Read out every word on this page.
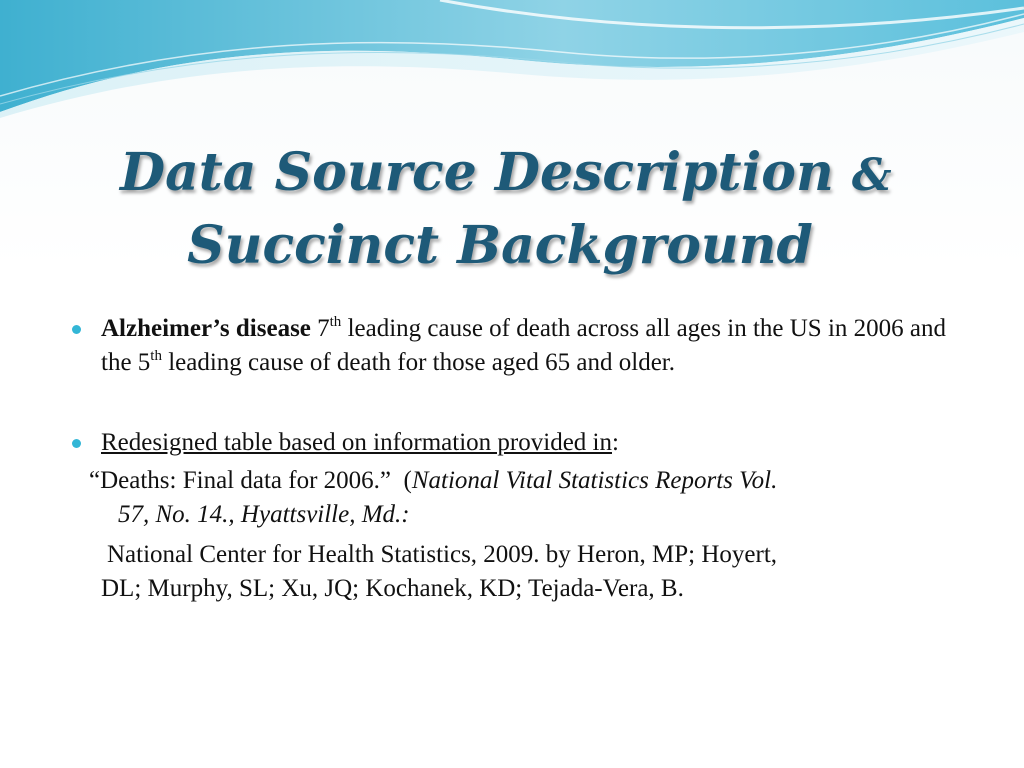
Data Source Description &
Succinct Background
Alzheimer’s disease 7th leading cause of death across all ages in the US in 2006 and the 5th leading cause of death for those aged 65 and older.
Redesigned table based on information provided in:
“Deaths: Final data for 2006.” (National Vital Statistics Reports Vol.
57, No. 14., Hyattsville, Md.:
National Center for Health Statistics, 2009. by Heron, MP; Hoyert,
DL; Murphy, SL; Xu, JQ; Kochanek, KD; Tejada-Vera, B.
